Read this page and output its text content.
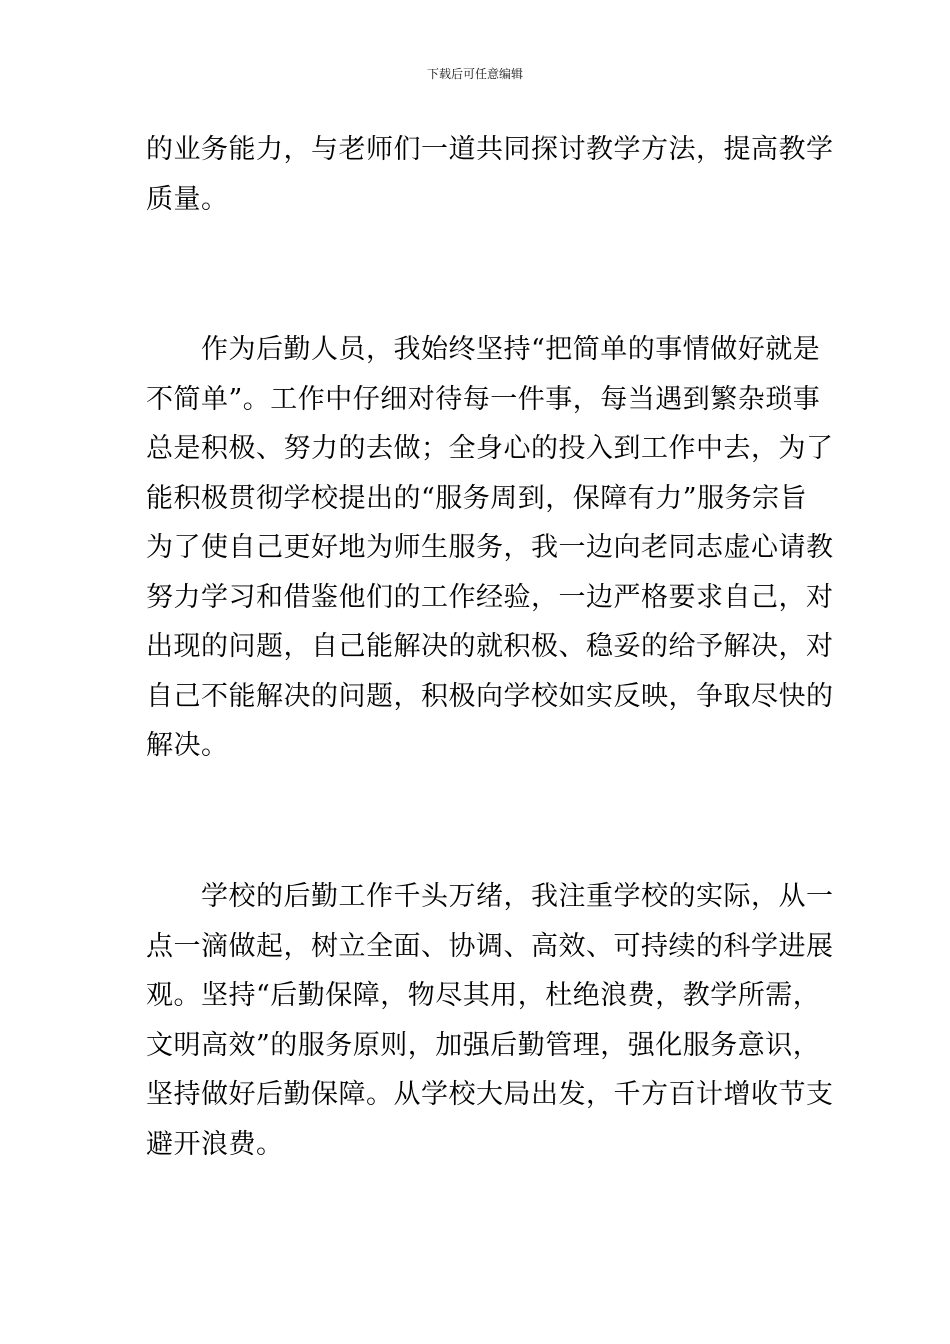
下载后可任意编辑
的业务能力，与老师们一道共同探讨教学方法，提高教学
质量。
　　作为后勤人员，我始终坚持“把简单的事情做好就是
不简单”。工作中仔细对待每一件事，每当遇到繁杂琐事
总是积极、努力的去做；全身心的投入到工作中去，为了
能积极贯彻学校提出的“服务周到，保障有力”服务宗旨
为了使自己更好地为师生服务，我一边向老同志虚心请教
努力学习和借鉴他们的工作经验，一边严格要求自己，对
出现的问题，自己能解决的就积极、稳妥的给予解决，对
自己不能解决的问题，积极向学校如实反映，争取尽快的
解决。
　　学校的后勤工作千头万绪，我注重学校的实际，从一
点一滴做起，树立全面、协调、高效、可持续的科学进展
观。坚持“后勤保障，物尽其用，杜绝浪费，教学所需，
文明高效”的服务原则，加强后勤管理，强化服务意识，
坚持做好后勤保障。从学校大局出发，千方百计增收节支
避开浪费。
